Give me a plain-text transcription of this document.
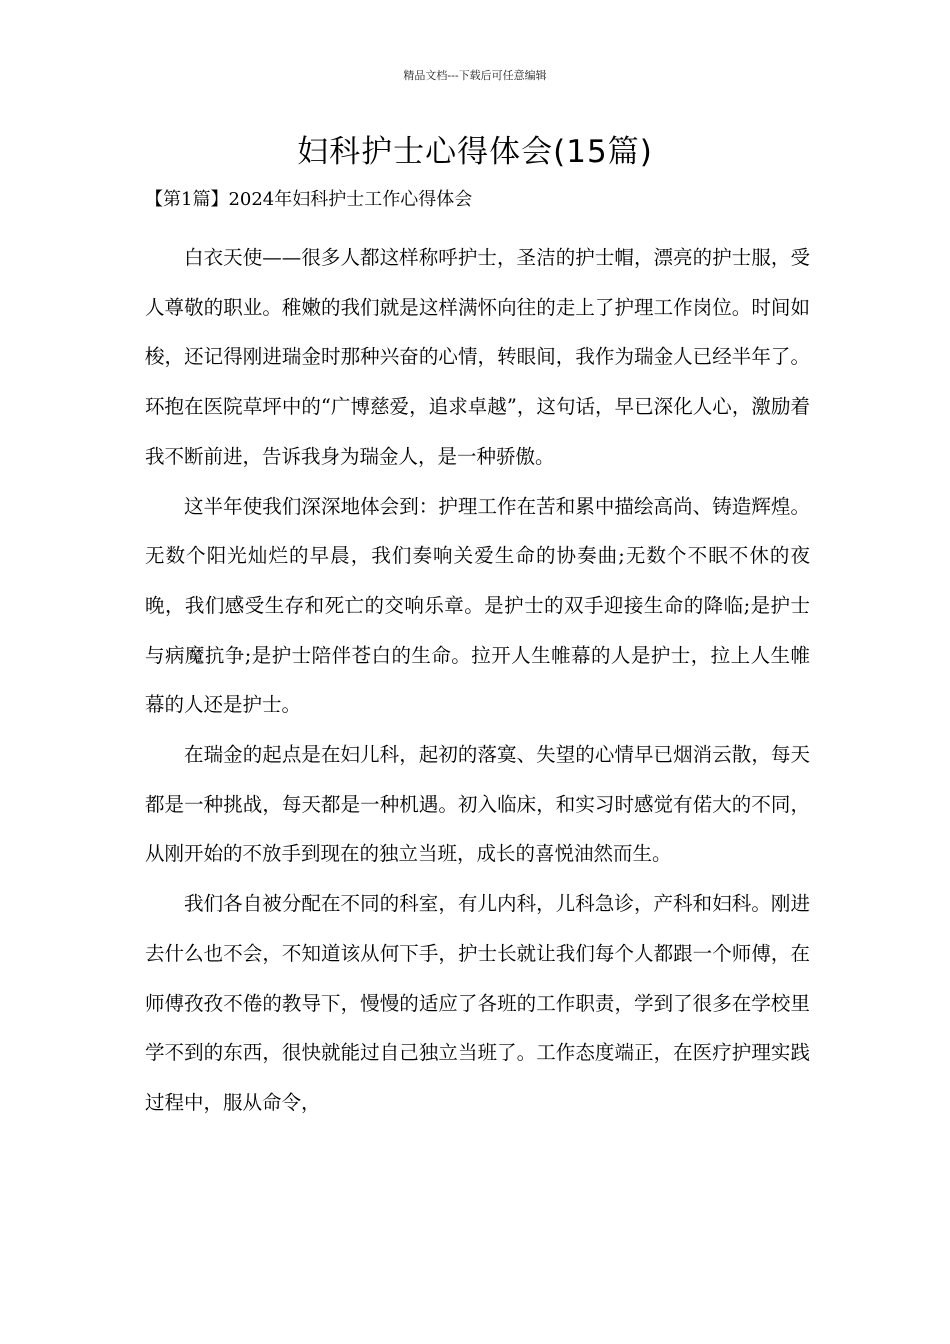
精品文档---下载后可任意编辑
妇科护士心得体会(15篇)
【第1篇】2024年妇科护士工作心得体会

白衣天使——很多人都这样称呼护士，圣洁的护士帽，漂亮的护士服，受人尊敬的职业。稚嫩的我们就是这样满怀向往的走上了护理工作岗位。时间如梭，还记得刚进瑞金时那种兴奋的心情，转眼间，我作为瑞金人已经半年了。环抱在医院草坪中的“广博慈爱，追求卓越”，这句话，早已深化人心，激励着我不断前进，告诉我身为瑞金人，是一种骄傲。

这半年使我们深深地体会到：护理工作在苦和累中描绘高尚、铸造辉煌。无数个阳光灿烂的早晨，我们奏响关爱生命的协奏曲;无数个不眠不休的夜晚，我们感受生存和死亡的交响乐章。是护士的双手迎接生命的降临;是护士与病魔抗争;是护士陪伴苍白的生命。拉开人生帷幕的人是护士，拉上人生帷幕的人还是护士。

在瑞金的起点是在妇儿科，起初的落寞、失望的心情早已烟消云散，每天都是一种挑战，每天都是一种机遇。初入临床，和实习时感觉有偌大的不同，从刚开始的不放手到现在的独立当班，成长的喜悦油然而生。

我们各自被分配在不同的科室，有儿内科，儿科急诊，产科和妇科。刚进去什么也不会，不知道该从何下手，护士长就让我们每个人都跟一个师傅，在师傅孜孜不倦的教导下，慢慢的适应了各班的工作职责，学到了很多在学校里学不到的东西，很快就能过自己独立当班了。工作态度端正，在医疗护理实践过程中，服从命令，
